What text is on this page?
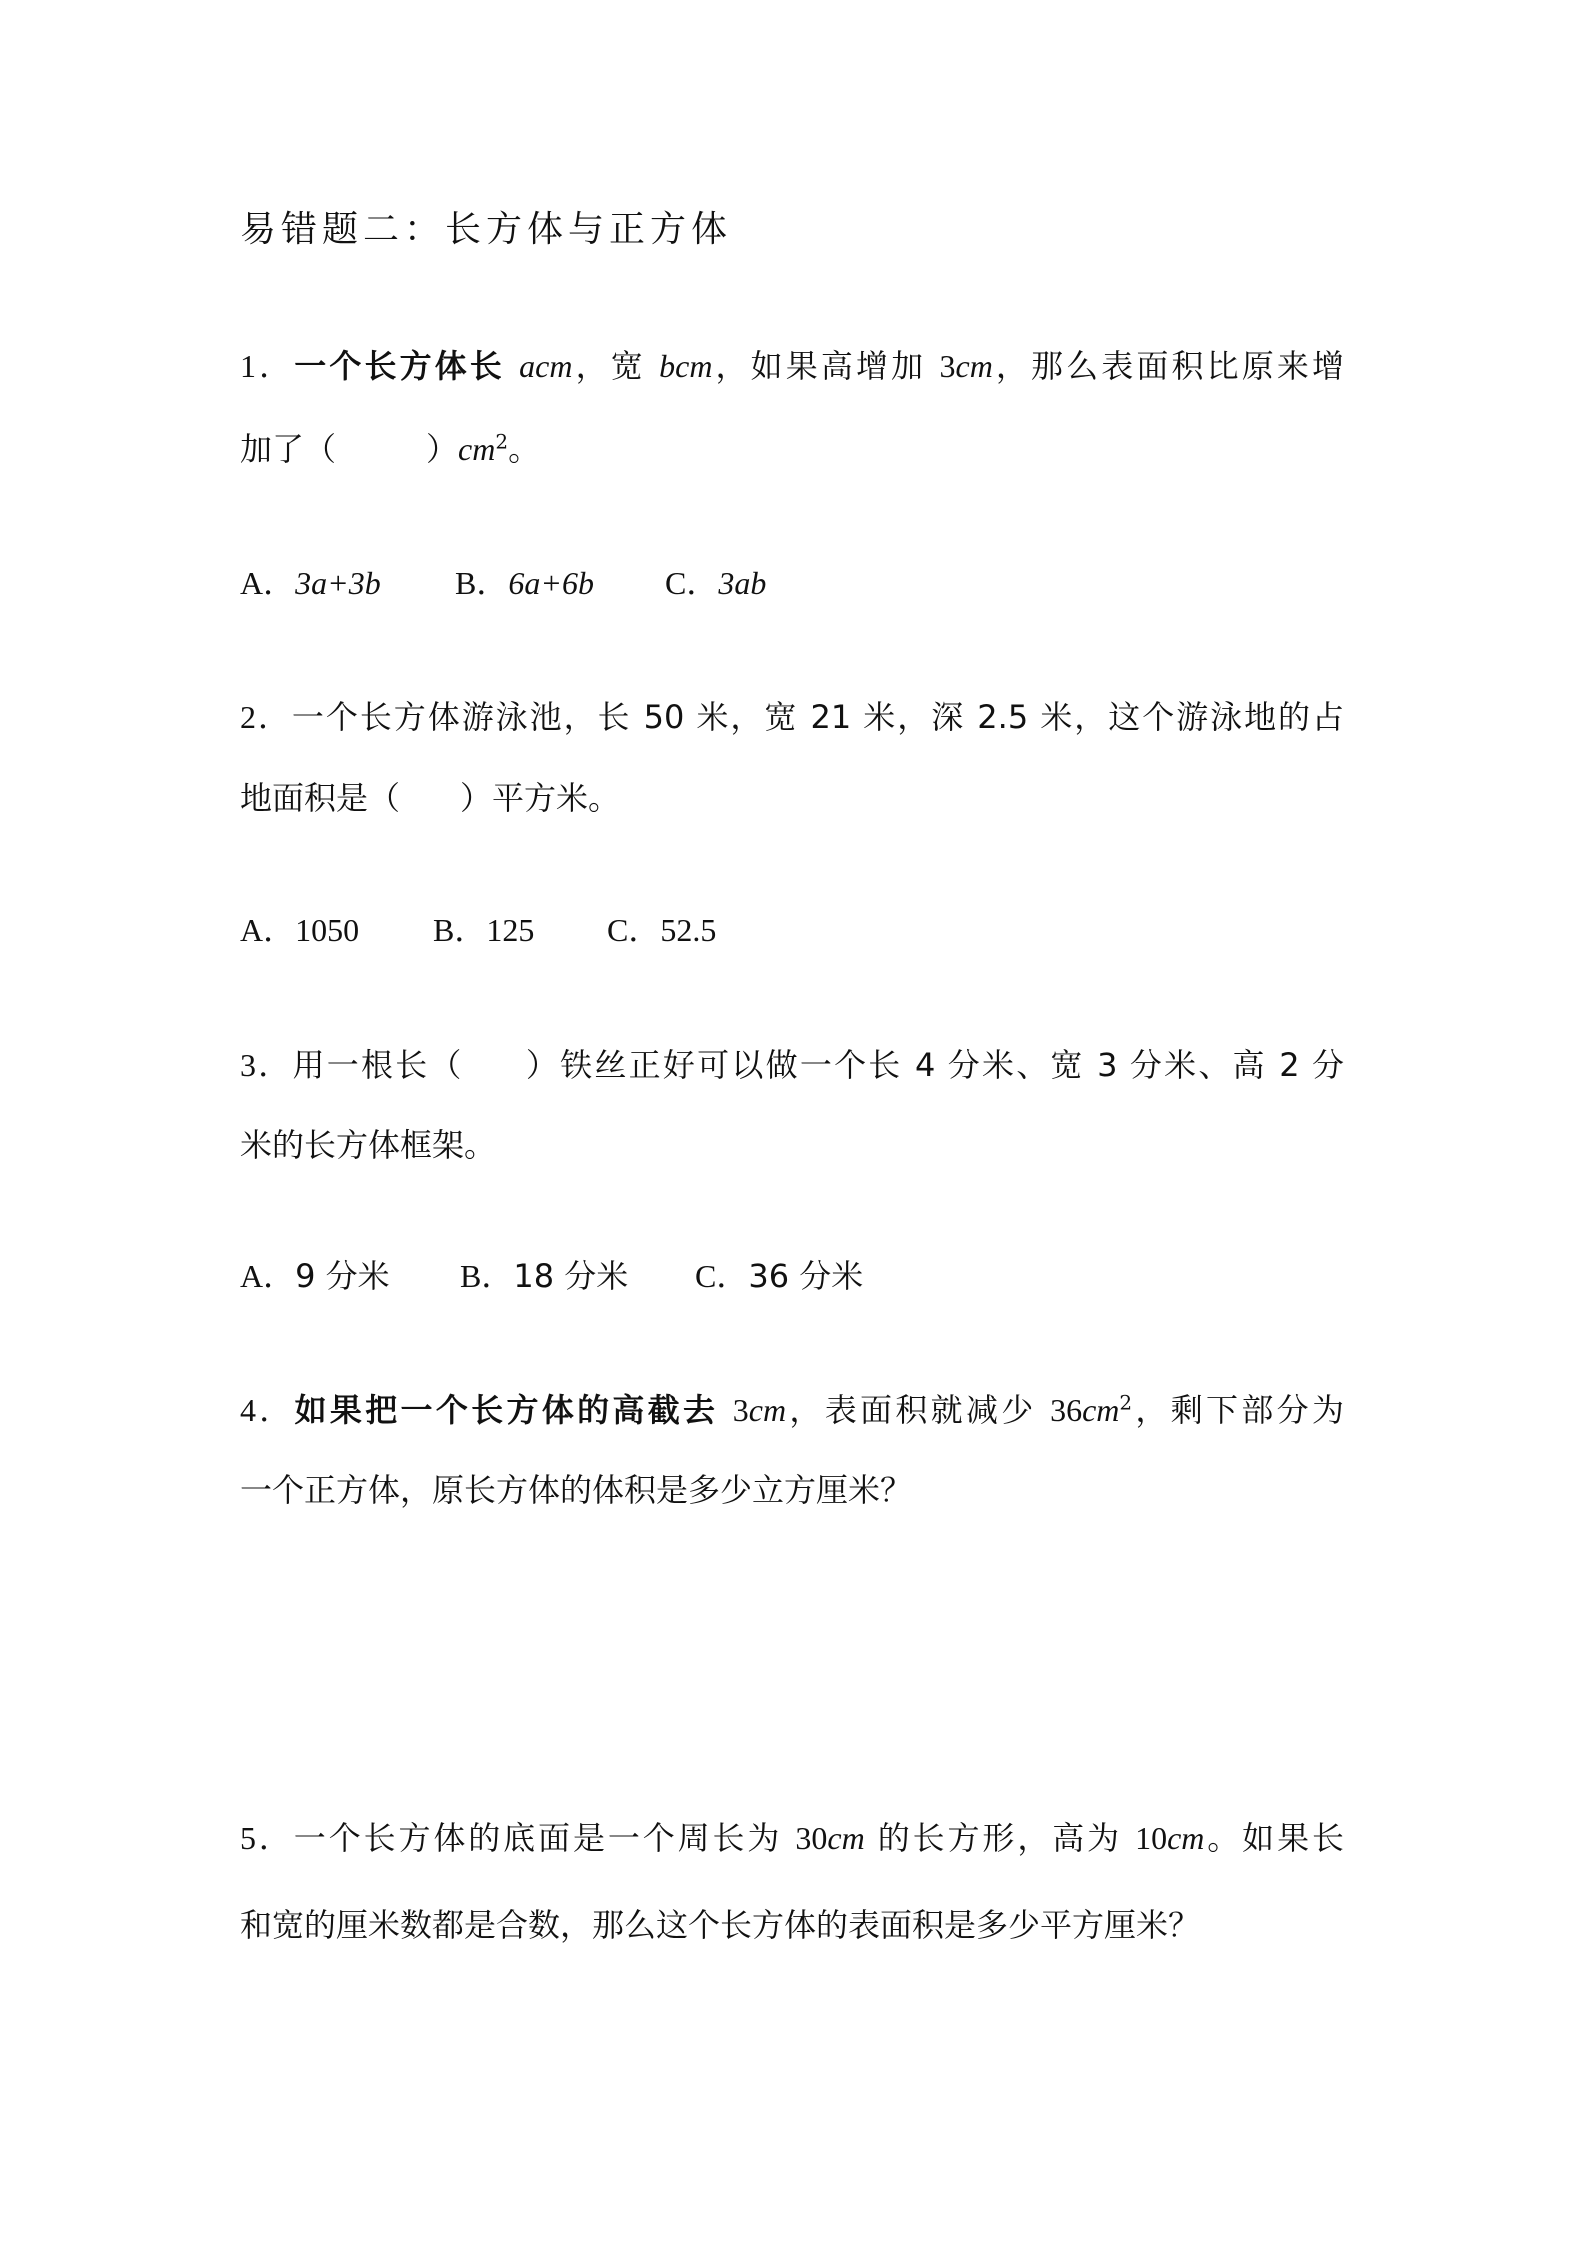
易错题二：长方体与正方体
1．一个长方体长 acm，宽 bcm，如果高增加 3cm，那么表面积比原来增
加了（	）$cm^2$。
A．3a+3b B．6a+6b C．3ab
2．一个长方体游泳池，长 50 米，宽 21 米，深 2.5 米，这个游泳地的占
地面积是（ ）平方米。
A．1050 B．125 C．52.5
3．用一根长（ ）铁丝正好可以做一个长 4 分米、宽 3 分米、高 2 分
米的长方体框架。
A．9 分米 B．18 分米 C．36 分米
4．如果把一个长方体的高截去 3cm，表面积就减少 $36cm^2$，剩下部分为
一个正方体，原长方体的体积是多少立方厘米？
5．一个长方体的底面是一个周长为 30cm 的长方形，高为 10cm。如果长
和宽的厘米数都是合数，那么这个长方体的表面积是多少平方厘米？
